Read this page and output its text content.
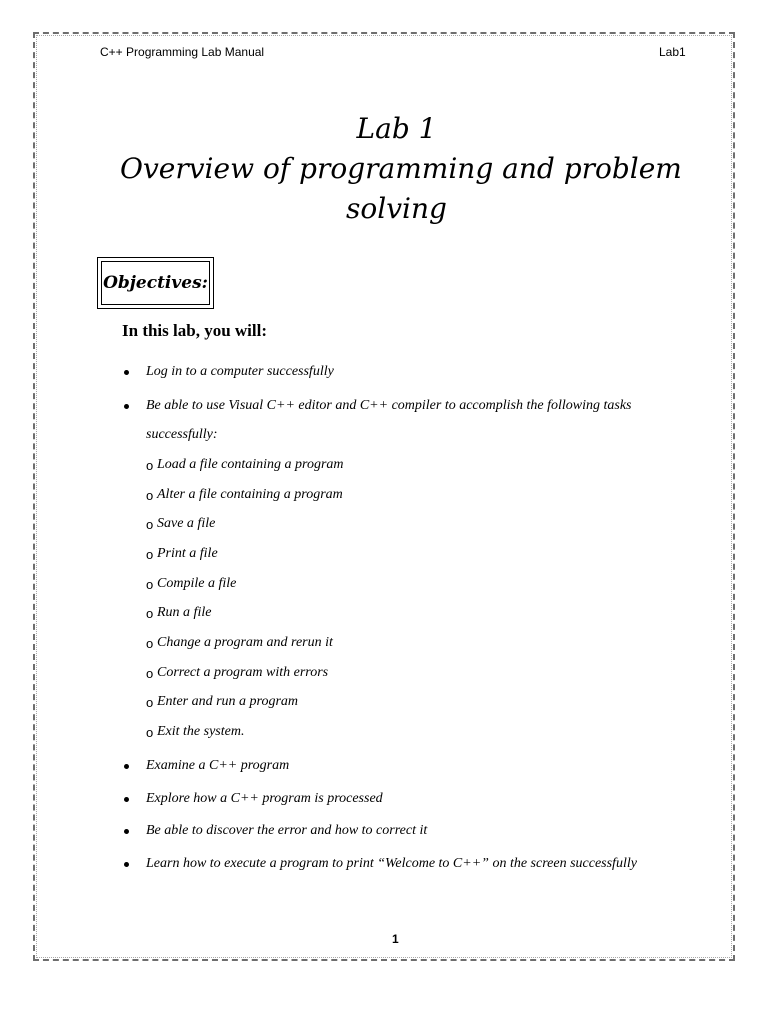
C++ Programming Lab Manual	Lab1
Lab 1
Overview of programming and problem
solving
Objectives:
In this lab, you will:
Log in to a computer successfully
Be able to use Visual C++ editor and C++ compiler to accomplish the following tasks
successfully:
o Load a file containing a program
o Alter a file containing a program
o Save a file
o Print a file
o Compile a file
o Run a file
o Change a program and rerun it
o Correct a program with errors
o Enter and run a program
o Exit the system.
Examine a C++ program
Explore how a C++ program is processed
Be able to discover the error and how to correct it
Learn how to execute a program to print “Welcome to C++” on the screen successfully
1
